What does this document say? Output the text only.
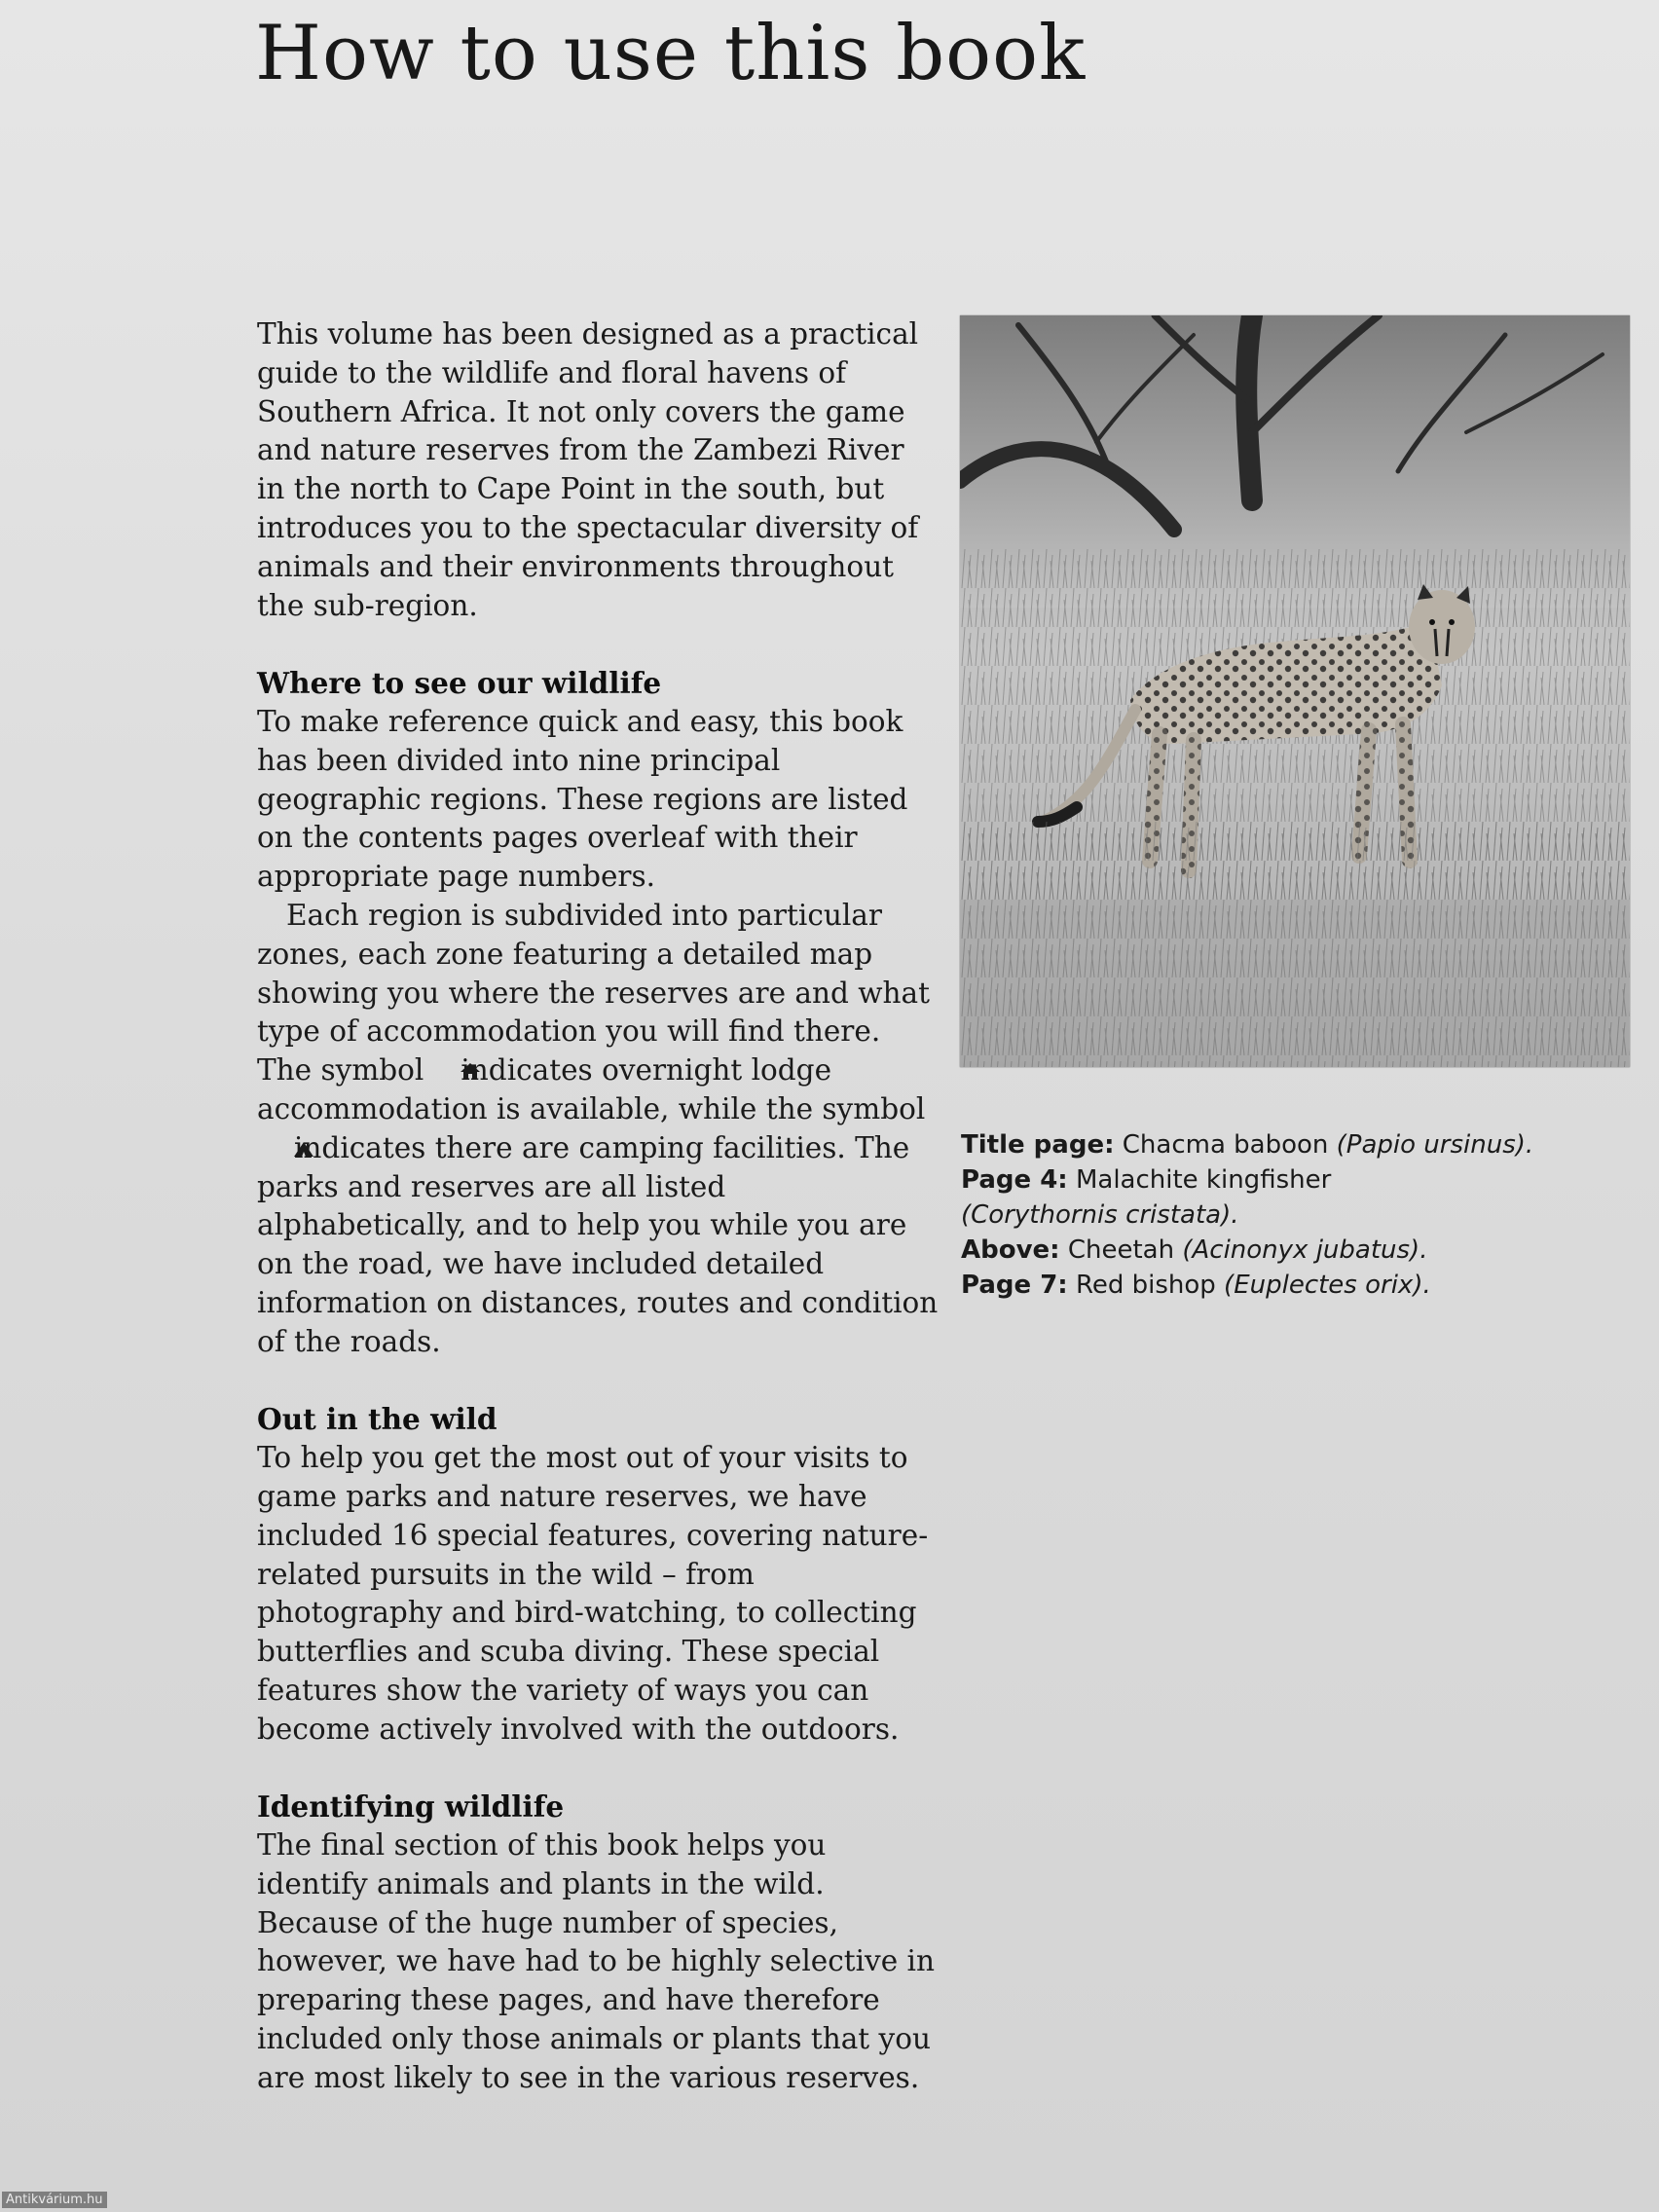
How to use this book

This volume has been designed as a practical guide to the wildlife and floral havens of Southern Africa. It not only covers the game and nature reserves from the Zambezi River in the north to Cape Point in the south, but introduces you to the spectacular diversity of animals and their environments throughout the sub-region.

Where to see our wildlife

To make reference quick and easy, this book has been divided into nine principal geographic regions. These regions are listed on the contents pages overleaf with their appropriate page numbers.

Each region is subdivided into particular zones, each zone featuring a detailed map showing you where the reserves are and what type of accommodation you will find there. The symbol indicates overnight lodge accommodation is available, while the symbolindicates there are camping facilities. The parks and reserves are all listed alphabetically, and to help you while you are on the road, we have included detailed information on distances, routes and condition of the roads.

Out in the wild

To help you get the most out of your visits to game parks and nature reserves, we have included 16 special features, covering nature-related pursuits in the wild – from photography and bird-watching, to collecting butterflies and scuba diving. These special features show the variety of ways you can become actively involved with the outdoors.

Identifying wildlife

The final section of this book helps you identify animals and plants in the wild. Because of the huge number of species, however, we have had to be highly selective in preparing these pages, and have therefore included only those animals or plants that you are most likely to see in the various reserves.

Title page: Chacma baboon (Papio ursinus).

Page 4: Malachite kingfisher
(Corythornis cristata).

Above: Cheetah (Acinonyx jubatus).

Page 7: Red bishop (Euplectes orix).

Antikvárium.hu
